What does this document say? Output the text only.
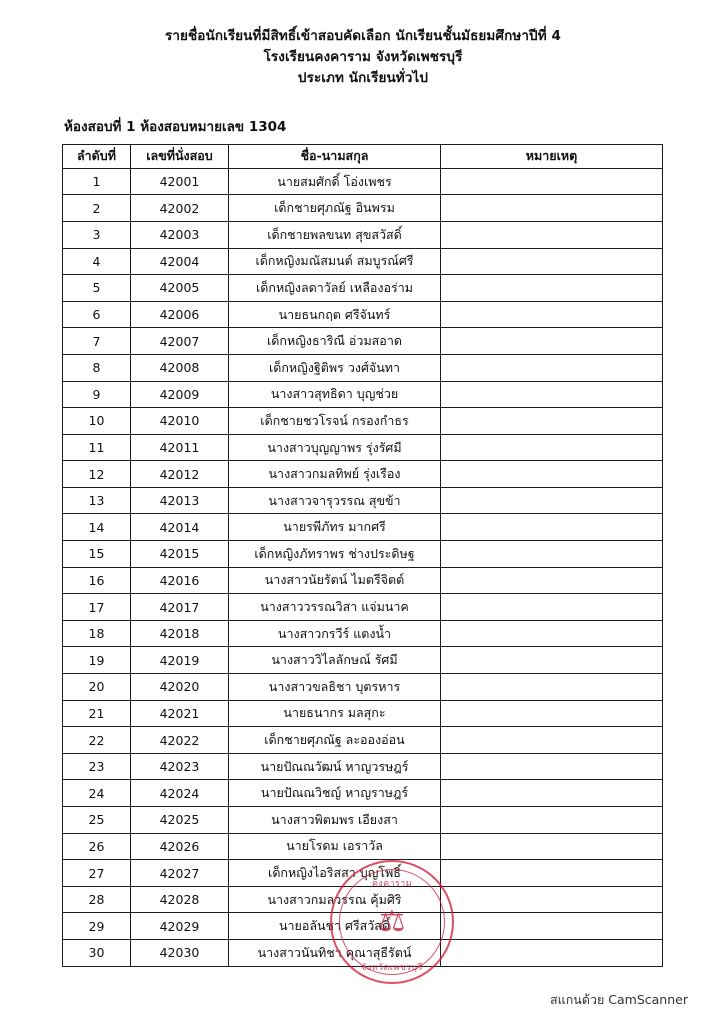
รายชื่อนักเรียนที่มีสิทธิ์เข้าสอบคัดเลือก นักเรียนชั้นมัธยมศึกษาปีที่ 4
โรงเรียนคงคาราม จังหวัดเพชรบุรี
ประเภท นักเรียนทั่วไป
ห้องสอบที่ 1 ห้องสอบหมายเลข 1304
ลำดับที่	เลขที่นั่งสอบ	ชื่อ-นามสกุล	หมายเหตุ
1	42001	นายสมศักดิ์ โอ่งเพชร	
2	42002	เด็กชายศุภณัฐ อินพรม	
3	42003	เด็กชายพลขนท สุขสวัสดิ์	
4	42004	เด็กหญิงมณัสมนต์ สมบูรณ์ศรี	
5	42005	เด็กหญิงลดาวัลย์ เหลืองอร่าม	
6	42006	นายธนกฤต ศรีจันทร์	
7	42007	เด็กหญิงธาริณี อ่วมสอาด	
8	42008	เด็กหญิงฐิติพร วงศ์จันทา	
9	42009	นางสาวสุทธิดา บุญช่วย	
10	42010	เด็กชายชวโรจน์ กรองกำธร	
11	42011	นางสาวบุญญาพร รุ่งรัศมี	
12	42012	นางสาวกมลทิพย์ รุ่งเรือง	
13	42013	นางสาวจารุวรรณ สุขข้า	
14	42014	นายรพีภัทร มากศรี	
15	42015	เด็กหญิงภัทราพร ช่างประดิษฐ	
16	42016	นางสาวนัยรัตน์ ไมตรีจิตต์	
17	42017	นางสาววรรณวิสา แจ่มนาค	
18	42018	นางสาวกรวีร์ แตงน้ำ	
19	42019	นางสาววิไลลักษณ์ รัศมี	
20	42020	นางสาวขลธิชา บุตรหาร	
21	42021	นายธนากร มลสุกะ	
22	42022	เด็กชายศุภณัฐ ละอองอ่อน	
23	42023	นายปัณณวัฒน์ หาญวรษฎร์	
24	42024	นายปัณณวิชญ์ หาญราษฎร์	
25	42025	นางสาวพิตมพร เอียงสา	
26	42026	นายโรดม เอราวัล	
27	42027	เด็กหญิงไอริสสา บุญโพธิ์	
28	42028	นางสาวกมลวรรณ คุ้มศิริ	
29	42029	นายอลันชา ศรีสวัสดิ์	
30	42030	นางสาวนันทิชา คุณาสุธีรัตน์	
คงคาราม
⚖
จังหวัดเพชรบุรี
สแกนด้วย CamScanner
